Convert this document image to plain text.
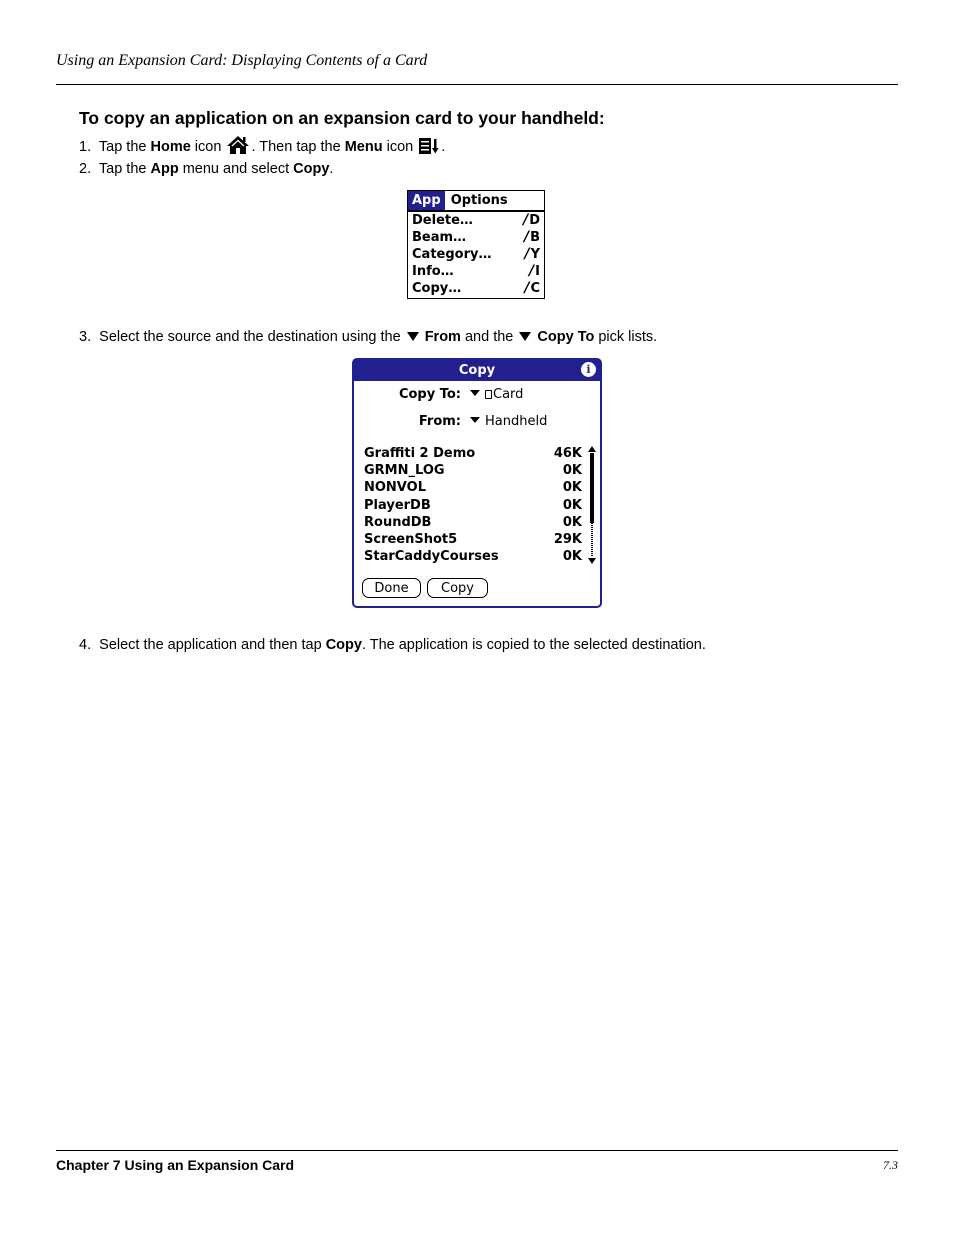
Using an Expansion Card: Displaying Contents of a Card
To copy an application on an expansion card to your handheld:
1. Tap the Home icon . Then tap the Menu icon .
2. Tap the App menu and select Copy.
App Options
Delete…	/ D
Beam…	/ B
Category… / Y
Info…	/ I
Copy…	/ C
3. Select the source and the destination using the  From and the  Copy To pick lists.
Copy	i
Copy To: Card
From: Handheld
Graffiti 2 Demo	46K
GRMN_LOG	0K
NONVOL	0K
PlayerDB	0K
RoundDB	0K
ScreenShot5	29K
StarCaddyCourses	0K
Done	Copy
4. Select the application and then tap Copy. The application is copied to the selected destination.
Chapter 7 Using an Expansion Card	7.3
